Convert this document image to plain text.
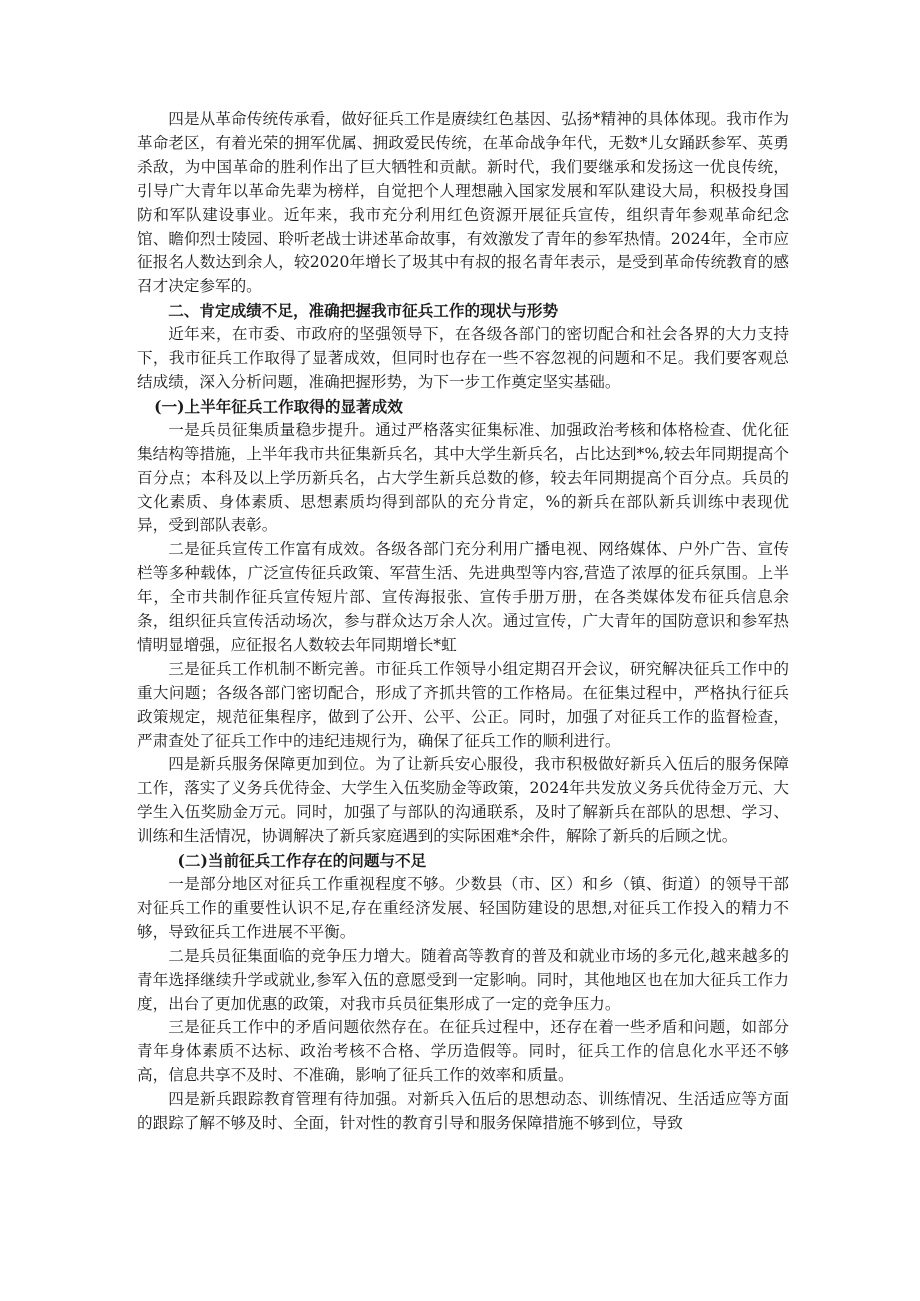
四是从革命传统传承看，做好征兵工作是赓续红色基因、弘扬*精神的具体体现。我市作为革命老区，有着光荣的拥军优属、拥政爱民传统，在革命战争年代，无数*儿女踊跃参军、英勇杀敌，为中国革命的胜利作出了巨大牺牲和贡献。新时代，我们要继承和发扬这一优良传统，引导广大青年以革命先辈为榜样，自觉把个人理想融入国家发展和军队建设大局，积极投身国防和军队建设事业。近年来，我市充分利用红色资源开展征兵宣传，组织青年参观革命纪念馆、瞻仰烈士陵园、聆听老战士讲述革命故事，有效激发了青年的参军热情。2024年，全市应征报名人数达到余人，较2020年增长了圾其中有叔的报名青年表示，是受到革命传统教育的感召才决定参军的。

二、肯定成绩不足，准确把握我市征兵工作的现状与形势

近年来，在市委、市政府的坚强领导下，在各级各部门的密切配合和社会各界的大力支持下，我市征兵工作取得了显著成效，但同时也存在一些不容忽视的问题和不足。我们要客观总结成绩，深入分析问题，准确把握形势，为下一步工作奠定坚实基础。

(一)上半年征兵工作取得的显著成效

一是兵员征集质量稳步提升。通过严格落实征集标准、加强政治考核和体格检查、优化征集结构等措施，上半年我市共征集新兵名，其中大学生新兵名，占比达到*%,较去年同期提高个百分点；本科及以上学历新兵名，占大学生新兵总数的修，较去年同期提高个百分点。兵员的文化素质、身体素质、思想素质均得到部队的充分肯定，%的新兵在部队新兵训练中表现优异，受到部队表彰。

二是征兵宣传工作富有成效。各级各部门充分利用广播电视、网络媒体、户外广告、宣传栏等多种载体，广泛宣传征兵政策、军营生活、先进典型等内容,营造了浓厚的征兵氛围。上半年，全市共制作征兵宣传短片部、宣传海报张、宣传手册万册，在各类媒体发布征兵信息余条，组织征兵宣传活动场次，参与群众达万余人次。通过宣传，广大青年的国防意识和参军热情明显增强，应征报名人数较去年同期增长*虹

三是征兵工作机制不断完善。市征兵工作领导小组定期召开会议，研究解决征兵工作中的重大问题；各级各部门密切配合，形成了齐抓共管的工作格局。在征集过程中，严格执行征兵政策规定，规范征集程序，做到了公开、公平、公正。同时，加强了对征兵工作的监督检查，严肃查处了征兵工作中的违纪违规行为，确保了征兵工作的顺利进行。

四是新兵服务保障更加到位。为了让新兵安心服役，我市积极做好新兵入伍后的服务保障工作，落实了义务兵优待金、大学生入伍奖励金等政策，2024年共发放义务兵优待金万元、大学生入伍奖励金万元。同时，加强了与部队的沟通联系，及时了解新兵在部队的思想、学习、训练和生活情况，协调解决了新兵家庭遇到的实际困难*余件，解除了新兵的后顾之忧。

(二)当前征兵工作存在的问题与不足

一是部分地区对征兵工作重视程度不够。少数县（市、区）和乡（镇、街道）的领导干部对征兵工作的重要性认识不足,存在重经济发展、轻国防建设的思想,对征兵工作投入的精力不够，导致征兵工作进展不平衡。

二是兵员征集面临的竞争压力增大。随着高等教育的普及和就业市场的多元化,越来越多的青年选择继续升学或就业,参军入伍的意愿受到一定影响。同时，其他地区也在加大征兵工作力度，出台了更加优惠的政策，对我市兵员征集形成了一定的竞争压力。

三是征兵工作中的矛盾问题依然存在。在征兵过程中，还存在着一些矛盾和问题，如部分青年身体素质不达标、政治考核不合格、学历造假等。同时，征兵工作的信息化水平还不够高，信息共享不及时、不准确，影响了征兵工作的效率和质量。

四是新兵跟踪教育管理有待加强。对新兵入伍后的思想动态、训练情况、生活适应等方面的跟踪了解不够及时、全面，针对性的教育引导和服务保障措施不够到位，导致
